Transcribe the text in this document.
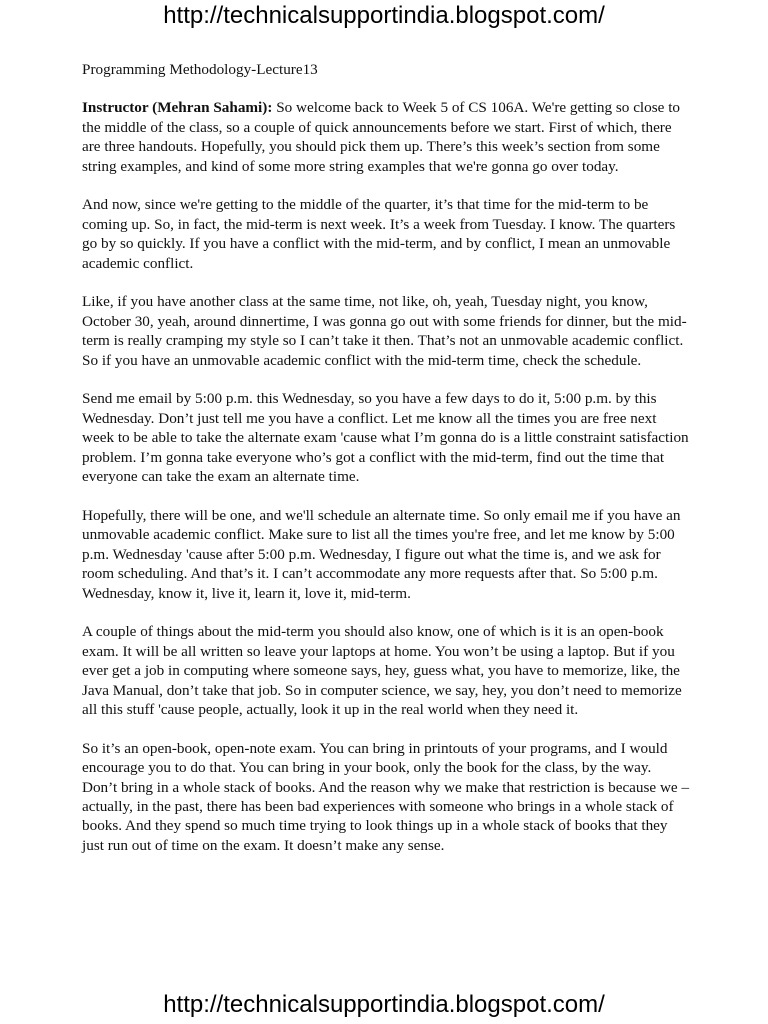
http://technicalsupportindia.blogspot.com/

Programming Methodology-Lecture13

Instructor (Mehran Sahami): So welcome back to Week 5 of CS 106A. We're getting so close to the middle of the class, so a couple of quick announcements before we start. First of which, there are three handouts. Hopefully, you should pick them up. There’s this week’s section from some string examples, and kind of some more string examples that we're gonna go over today.

And now, since we're getting to the middle of the quarter, it’s that time for the mid-term to be coming up. So, in fact, the mid-term is next week. It’s a week from Tuesday. I know. The quarters go by so quickly. If you have a conflict with the mid-term, and by conflict, I mean an unmovable academic conflict.

Like, if you have another class at the same time, not like, oh, yeah, Tuesday night, you know, October 30, yeah, around dinnertime, I was gonna go out with some friends for dinner, but the mid-term is really cramping my style so I can’t take it then. That’s not an unmovable academic conflict. So if you have an unmovable academic conflict with the mid-term time, check the schedule.

Send me email by 5:00 p.m. this Wednesday, so you have a few days to do it, 5:00 p.m. by this Wednesday. Don’t just tell me you have a conflict. Let me know all the times you are free next week to be able to take the alternate exam 'cause what I’m gonna do is a little constraint satisfaction problem. I’m gonna take everyone who’s got a conflict with the mid-term, find out the time that everyone can take the exam an alternate time.

Hopefully, there will be one, and we'll schedule an alternate time. So only email me if you have an unmovable academic conflict. Make sure to list all the times you're free, and let me know by 5:00 p.m. Wednesday 'cause after 5:00 p.m. Wednesday, I figure out what the time is, and we ask for room scheduling. And that’s it. I can’t accommodate any more requests after that. So 5:00 p.m. Wednesday, know it, live it, learn it, love it, mid-term.

A couple of things about the mid-term you should also know, one of which is it is an open-book exam. It will be all written so leave your laptops at home. You won’t be using a laptop. But if you ever get a job in computing where someone says, hey, guess what, you have to memorize, like, the Java Manual, don’t take that job. So in computer science, we say, hey, you don’t need to memorize all this stuff 'cause people, actually, look it up in the real world when they need it.

So it’s an open-book, open-note exam. You can bring in printouts of your programs, and I would encourage you to do that. You can bring in your book, only the book for the class, by the way. Don’t bring in a whole stack of books. And the reason why we make that restriction is because we – actually, in the past, there has been bad experiences with someone who brings in a whole stack of books. And they spend so much time trying to look things up in a whole stack of books that they just run out of time on the exam. It doesn’t make any sense.

http://technicalsupportindia.blogspot.com/
